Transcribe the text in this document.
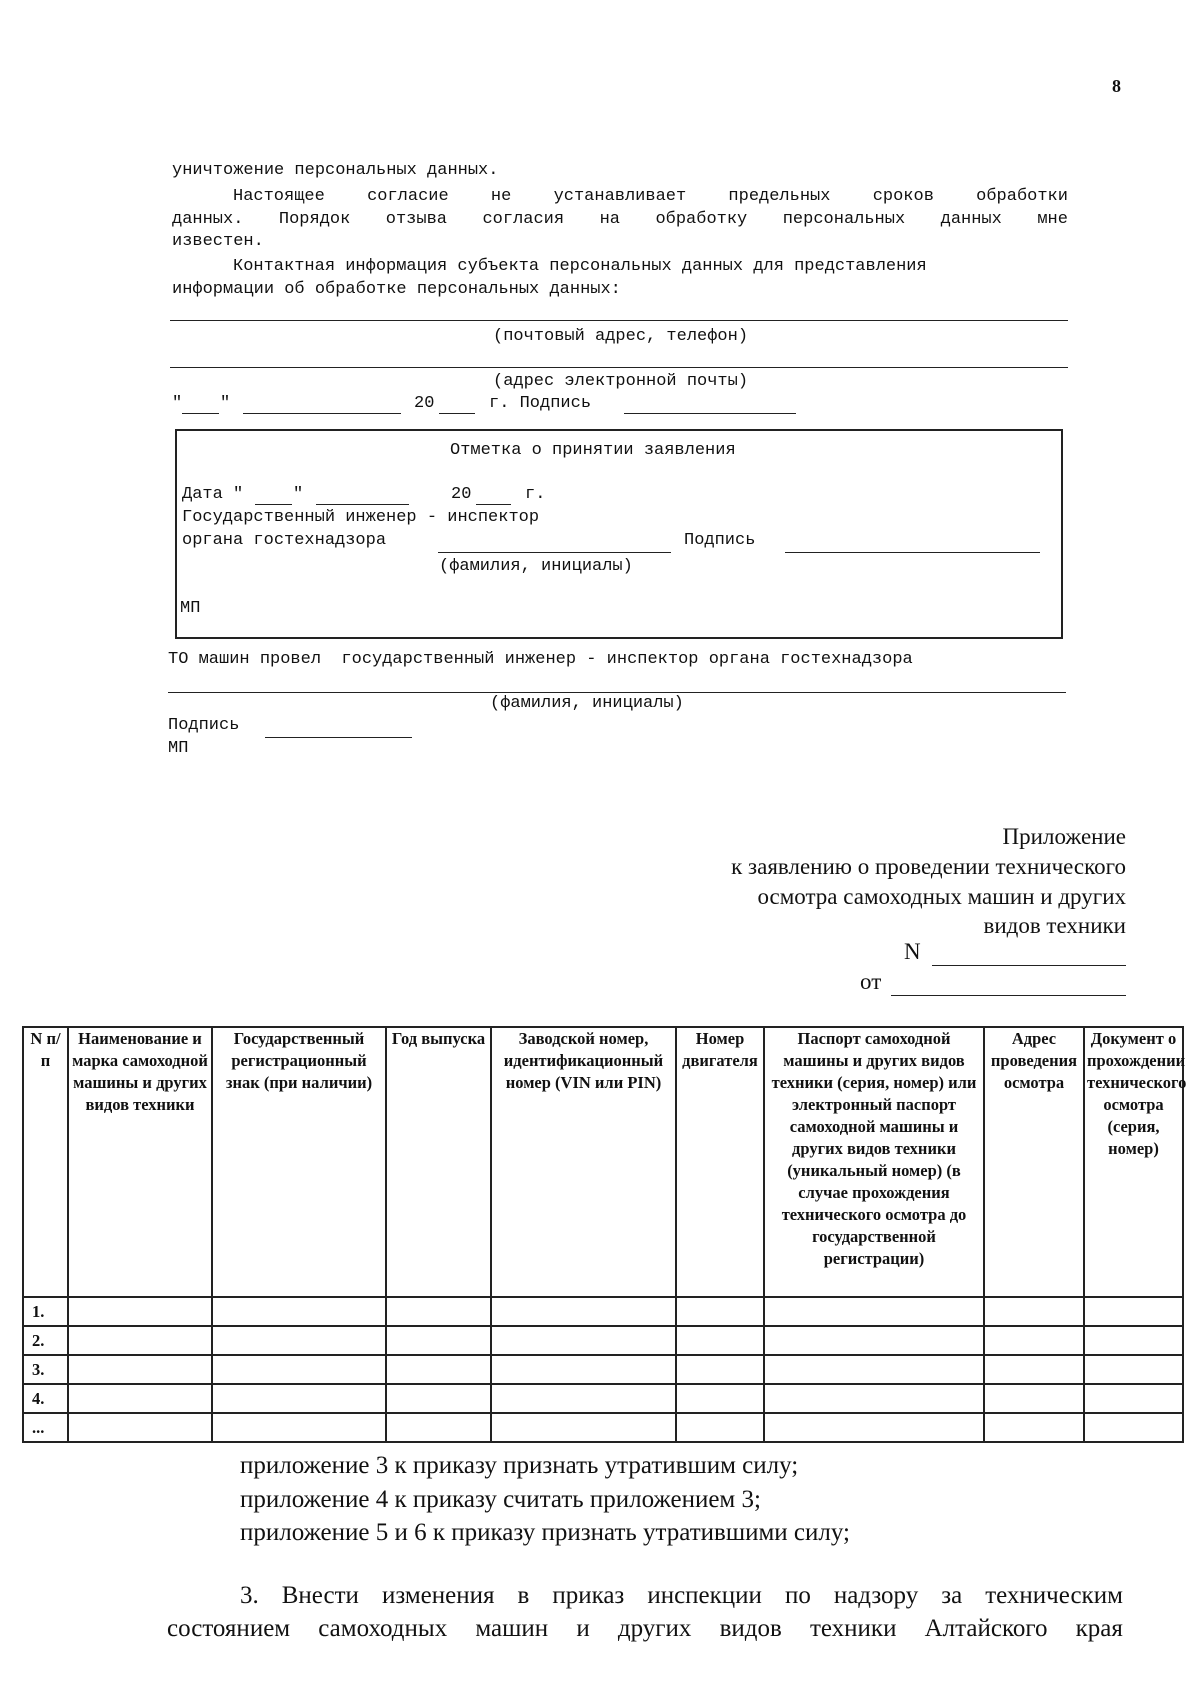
8
уничтожение персональных данных.
Настоящее согласие не устанавливает предельных сроков обработки
данных. Порядок отзыва согласия на обработку персональных данных мне
известен.
Контактная информация субъекта персональных данных для представления
информации об обработке персональных данных:
(почтовый адрес, телефон)
(адрес электронной почты)
" "	20	г. Подпись
Отметка о принятии заявления
Дата "	"	20	г.
Государственный инженер - инспектор
органа гостехнадзора	Подпись
(фамилия, инициалы)
МП
ТО машин провел  государственный инженер - инспектор органа гостехнадзора
(фамилия, инициалы)
Подпись
МП
Приложение
к заявлению о проведении технического
осмотра самоходных машин и других
видов техники
N
от
N п/п	Наименование и марка самоходной машины и других видов техники	Государственный регистрационный знак (при наличии)	Год выпуска	Заводской номер, идентификационный номер (VIN или PIN)	Номер двигателя	Паспорт самоходной машины и других видов техники (серия, номер) или электронный паспорт самоходной машины и других видов техники (уникальный номер) (в случае прохождения технического осмотра до государственной регистрации)	Адрес проведения осмотра	Документ о прохождении технического осмотра (серия, номер)
1.								
2.								
3.								
4.								
...								
приложение 3 к приказу признать утратившим силу;
приложение 4 к приказу считать приложением 3;
приложение 5 и 6 к приказу признать утратившими силу;
3. Внести изменения в приказ инспекции по надзору за техническим
состоянием самоходных машин и других видов техники Алтайского края
